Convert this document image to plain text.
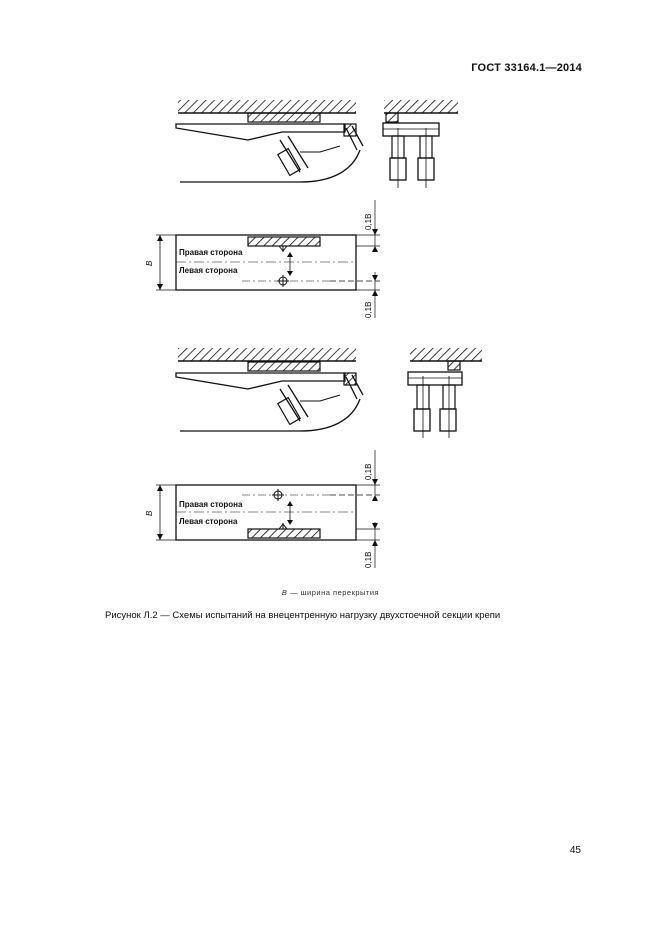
ГОСТ 33164.1—2014
B
Правая сторона
Левая сторона
0,1B
0,1B
B
Правая сторона
Левая сторона
0,1B
0,1B
B — ширина перекрытия
Рисунок Л.2 — Схемы испытаний на внецентренную нагрузку двухстоечной секции крепи
45
